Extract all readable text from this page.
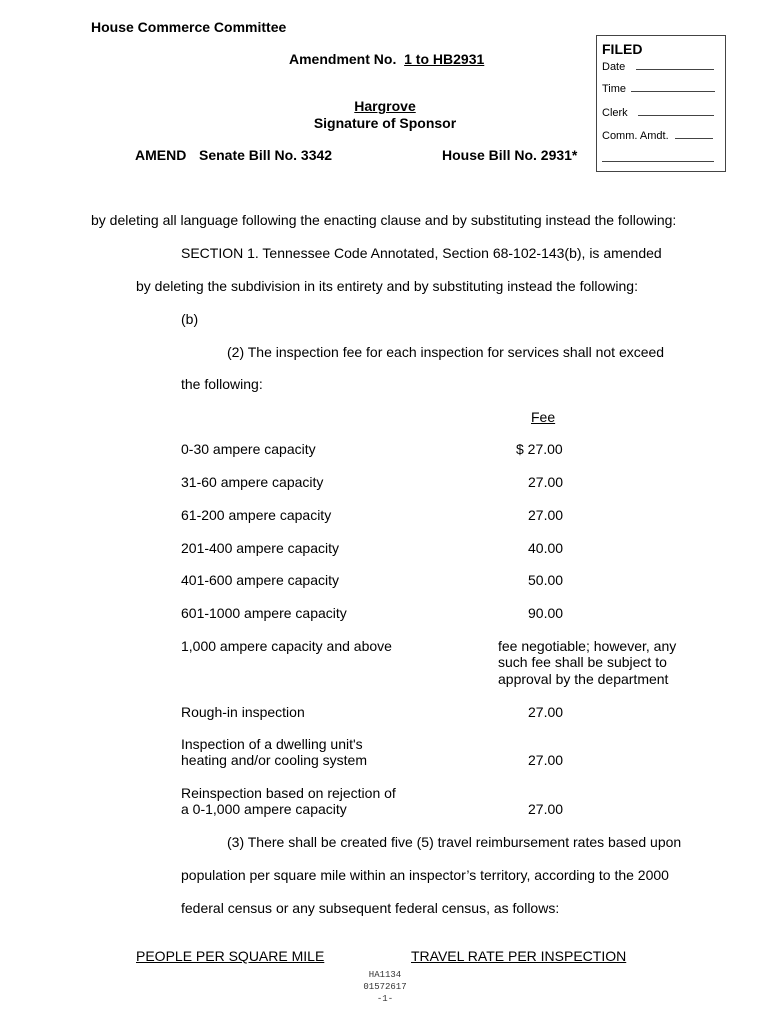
House Commerce Committee
Amendment No. 1 to HB2931
Hargrove
Signature of Sponsor
AMEND Senate Bill No. 3342	House Bill No. 2931*
FILED
Date
Time
Clerk
Comm. Amdt.
by deleting all language following the enacting clause and by substituting instead the following:
SECTION 1. Tennessee Code Annotated, Section 68-102-143(b), is amended
by deleting the subdivision in its entirety and by substituting instead the following:
(b)
(2) The inspection fee for each inspection for services shall not exceed
the following:
Fee
0-30 ampere capacity	$ 27.00
31-60 ampere capacity	27.00
61-200 ampere capacity	27.00
201-400 ampere capacity	40.00
401-600 ampere capacity	50.00
601-1000 ampere capacity	90.00
1,000 ampere capacity and above	fee negotiable; however, any
such fee shall be subject to
approval by the department
Rough-in inspection	27.00
Inspection of a dwelling unit's
heating and/or cooling system	27.00
Reinspection based on rejection of
a 0-1,000 ampere capacity	27.00
(3) There shall be created five (5) travel reimbursement rates based upon
population per square mile within an inspector’s territory, according to the 2000
federal census or any subsequent federal census, as follows:
PEOPLE PER SQUARE MILE	TRAVEL RATE PER INSPECTION
HA1134
01572617
-1-
